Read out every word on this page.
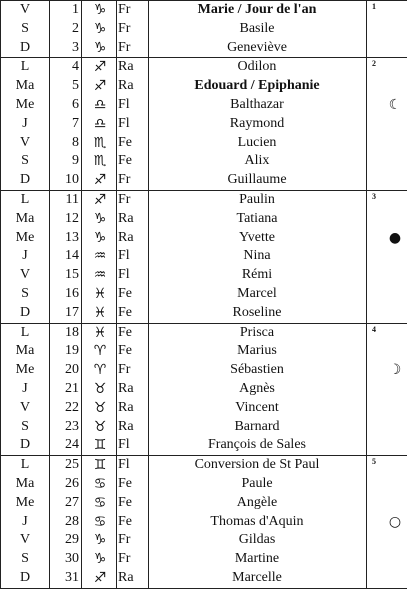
1
V	1	♑ Fr	Marie / Jour de l'an
S	2	♑ Fr	Basile
D	3	♑ Fr	Geneviève
2
L	4	♐ Ra	Odilon
Ma	5	♐ Ra	Edouard / Epiphanie
Me	6	♎ Fl	Balthazar	☾
J	7	♎ Fl	Raymond
V	8	♏ Fe	Lucien
S	9	♏ Fe	Alix
D	10	♐ Fr	Guillaume
3
L	11	♐ Fr	Paulin
Ma	12	♑ Ra	Tatiana
Me	13	♑ Ra	Yvette	●
J	14	♒ Fl	Nina
V	15	♒ Fl	Rémi
S	16	♓ Fe	Marcel
D	17	♓ Fe	Roseline
4
L	18	♓ Fe	Prisca
Ma	19	♈ Fe	Marius
Me	20	♈ Fr	Sébastien	☽
J	21	♉ Ra	Agnès
V	22	♉ Ra	Vincent
S	23	♉ Ra	Barnard
D	24	♊ Fl	François de Sales
5
L	25	♊ Fl	Conversion de St Paul
Ma	26	♋ Fe	Paule
Me	27	♋ Fe	Angèle
J	28	♋ Fe	Thomas d'Aquin	○
V	29	♑ Fr	Gildas
S	30	♑ Fr	Martine
D	31	♐ Ra	Marcelle
